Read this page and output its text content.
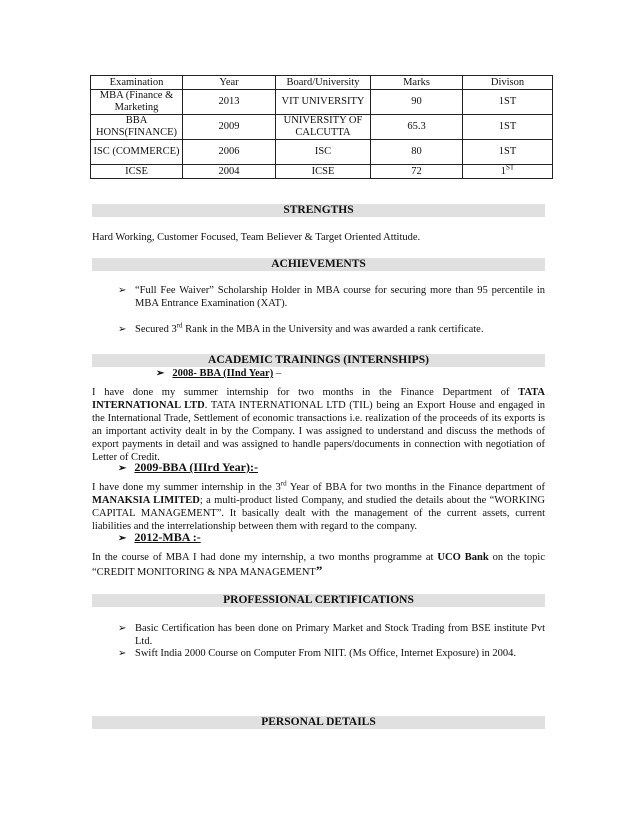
Examination	Year	Board/University	Marks	Divison
MBA (Finance & Marketing	2013	VIT UNIVERSITY	90	1ST
BBA HONS(FINANCE)	2009	UNIVERSITY OF CALCUTTA	65.3	1ST
ISC (COMMERCE)	2006	ISC	80	1ST
ICSE	2004	ICSE	72	1ST
STRENGTHS

Hard Working, Customer Focused, Team Believer & Target Oriented Attitude.

ACHIEVEMENTS
➢ “Full Fee Waiver” Scholarship Holder in MBA course for securing more than 95 percentile in MBA Entrance Examination (XAT).
➢ Secured 3rd Rank in the MBA in the University and was awarded a rank certificate.
ACADEMIC TRAININGS (INTERNSHIPS)
➢ 2008- BBA (IInd Year) –

I have done my summer internship for two months in the Finance Department of TATA INTERNATIONAL LTD. TATA INTERNATIONAL LTD (TIL) being an Export House and engaged in the International Trade, Settlement of economic transactions i.e. realization of the proceeds of its exports is an important activity dealt in by the Company. I was assigned to understand and discuss the methods of export payments in detail and was assigned to handle papers/documents in connection with negotiation of Letter of Credit.

➢ 2009-BBA (IIIrd Year):-

I have done my summer internship in the 3rd Year of BBA for two months in the Finance department of MANAKSIA LIMITED; a multi-product listed Company, and studied the details about the “WORKING CAPITAL MANAGEMENT”. It basically dealt with the management of the current assets, current liabilities and the interrelationship between them with regard to the company.

➢ 2012-MBA :-

In the course of MBA I had done my internship, a two months programme at UCO Bank on the topic “CREDIT MONITORING & NPA MANAGEMENT”

PROFESSIONAL CERTIFICATIONS
➢ Basic Certification has been done on Primary Market and Stock Trading from BSE institute Pvt Ltd.
➢ Swift India 2000 Course on Computer From NIIT. (Ms Office, Internet Exposure) in 2004.
PERSONAL DETAILS
